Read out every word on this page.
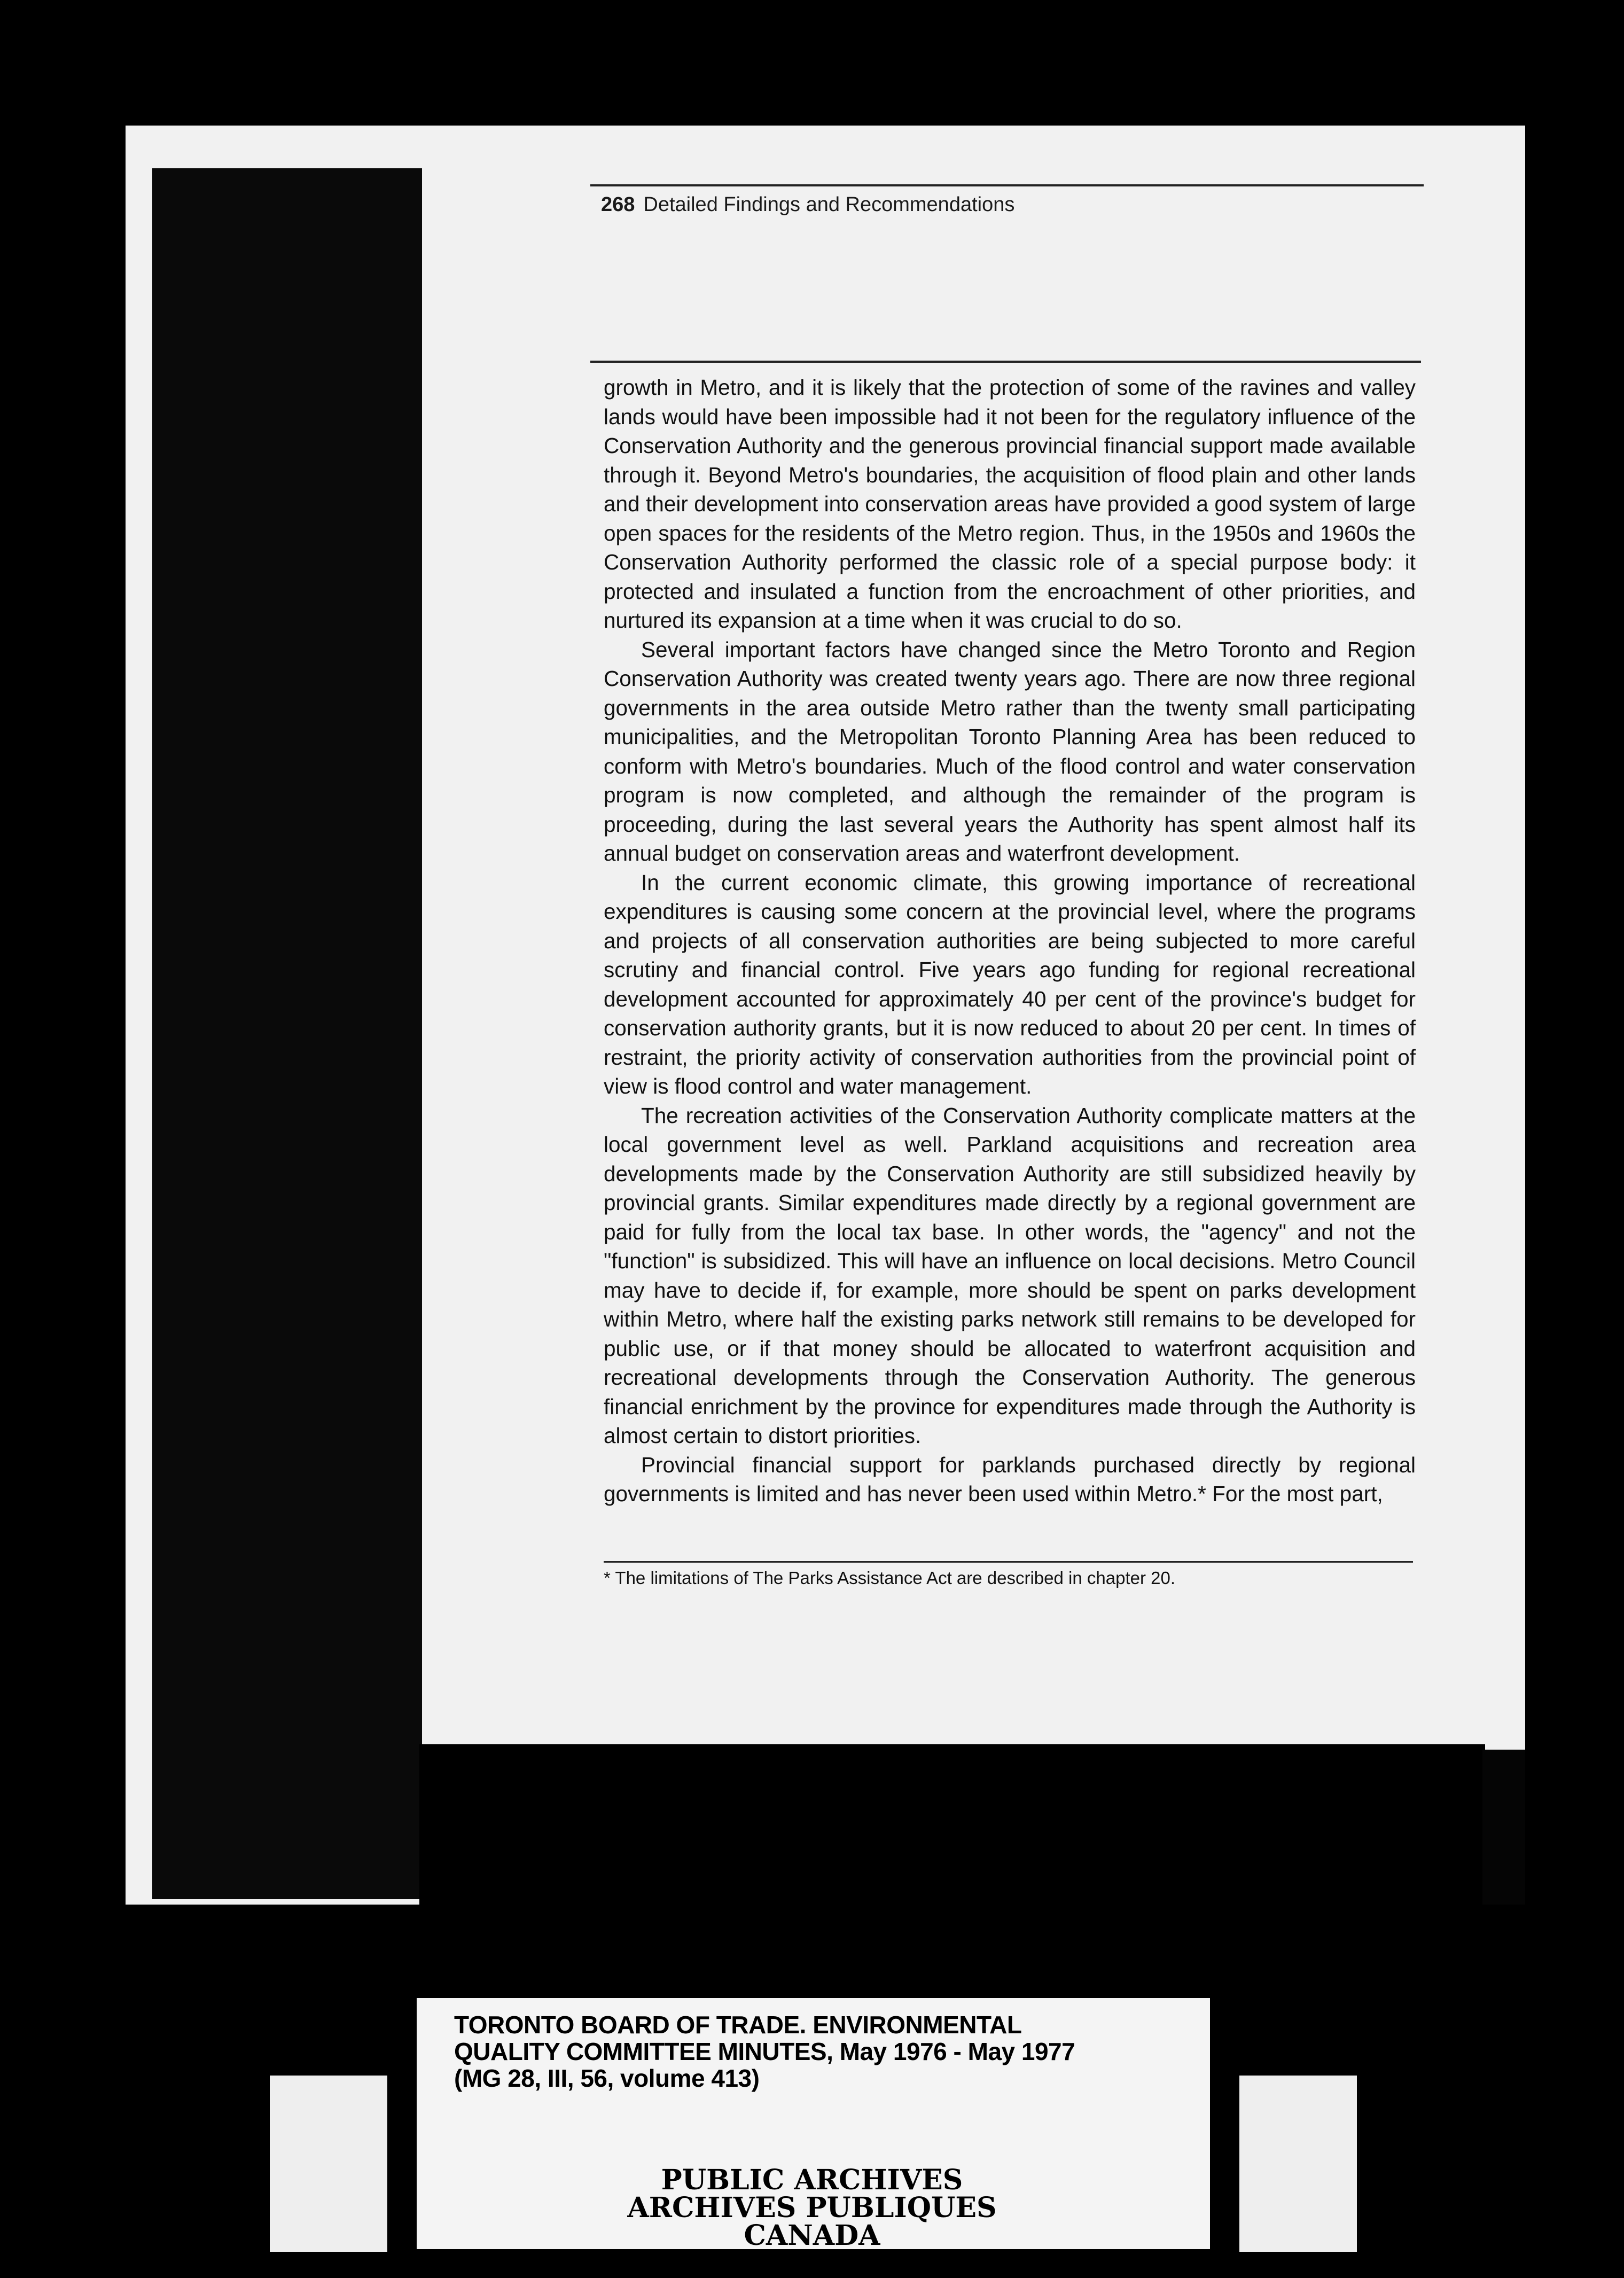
268 Detailed Findings and Recommendations

growth in Metro, and it is likely that the protection of some of the ravines and valley lands would have been impossible had it not been for the regulatory influence of the Conservation Authority and the generous provincial financial support made available through it. Beyond Metro's boundaries, the acquisition of flood plain and other lands and their development into conservation areas have provided a good system of large open spaces for the residents of the Metro region. Thus, in the 1950s and 1960s the Conservation Authority performed the classic role of a special purpose body: it protected and insulated a function from the encroachment of other priorities, and nurtured its expansion at a time when it was crucial to do so.

Several important factors have changed since the Metro Toronto and Region Conservation Authority was created twenty years ago. There are now three regional governments in the area outside Metro rather than the twenty small participating municipalities, and the Metropolitan Toronto Planning Area has been reduced to conform with Metro's boundaries. Much of the flood control and water conservation program is now completed, and although the remainder of the program is proceeding, during the last several years the Authority has spent almost half its annual budget on conservation areas and waterfront development.

In the current economic climate, this growing importance of recreational expenditures is causing some concern at the provincial level, where the programs and projects of all conservation authorities are being subjected to more careful scrutiny and financial control. Five years ago funding for regional recreational development accounted for approximately 40 per cent of the province's budget for conservation authority grants, but it is now reduced to about 20 per cent. In times of restraint, the priority activity of conservation authorities from the provincial point of view is flood control and water management.

The recreation activities of the Conservation Authority complicate matters at the local government level as well. Parkland acquisitions and recreation area developments made by the Conservation Authority are still subsidized heavily by provincial grants. Similar expenditures made directly by a regional government are paid for fully from the local tax base. In other words, the "agency" and not the "function" is subsidized. This will have an influence on local decisions. Metro Council may have to decide if, for example, more should be spent on parks development within Metro, where half the existing parks network still remains to be developed for public use, or if that money should be allocated to waterfront acquisition and recreational developments through the Conservation Authority. The generous financial enrichment by the province for expenditures made through the Authority is almost certain to distort priorities.

Provincial financial support for parklands purchased directly by regional governments is limited and has never been used within Metro.* For the most part,

* The limitations of The Parks Assistance Act are described in chapter 20.
TORONTO BOARD OF TRADE. ENVIRONMENTAL
QUALITY COMMITTEE MINUTES, May 1976 - May 1977
(MG 28, III, 56, volume 413)
PUBLIC ARCHIVES
ARCHIVES PUBLIQUES
CANADA
